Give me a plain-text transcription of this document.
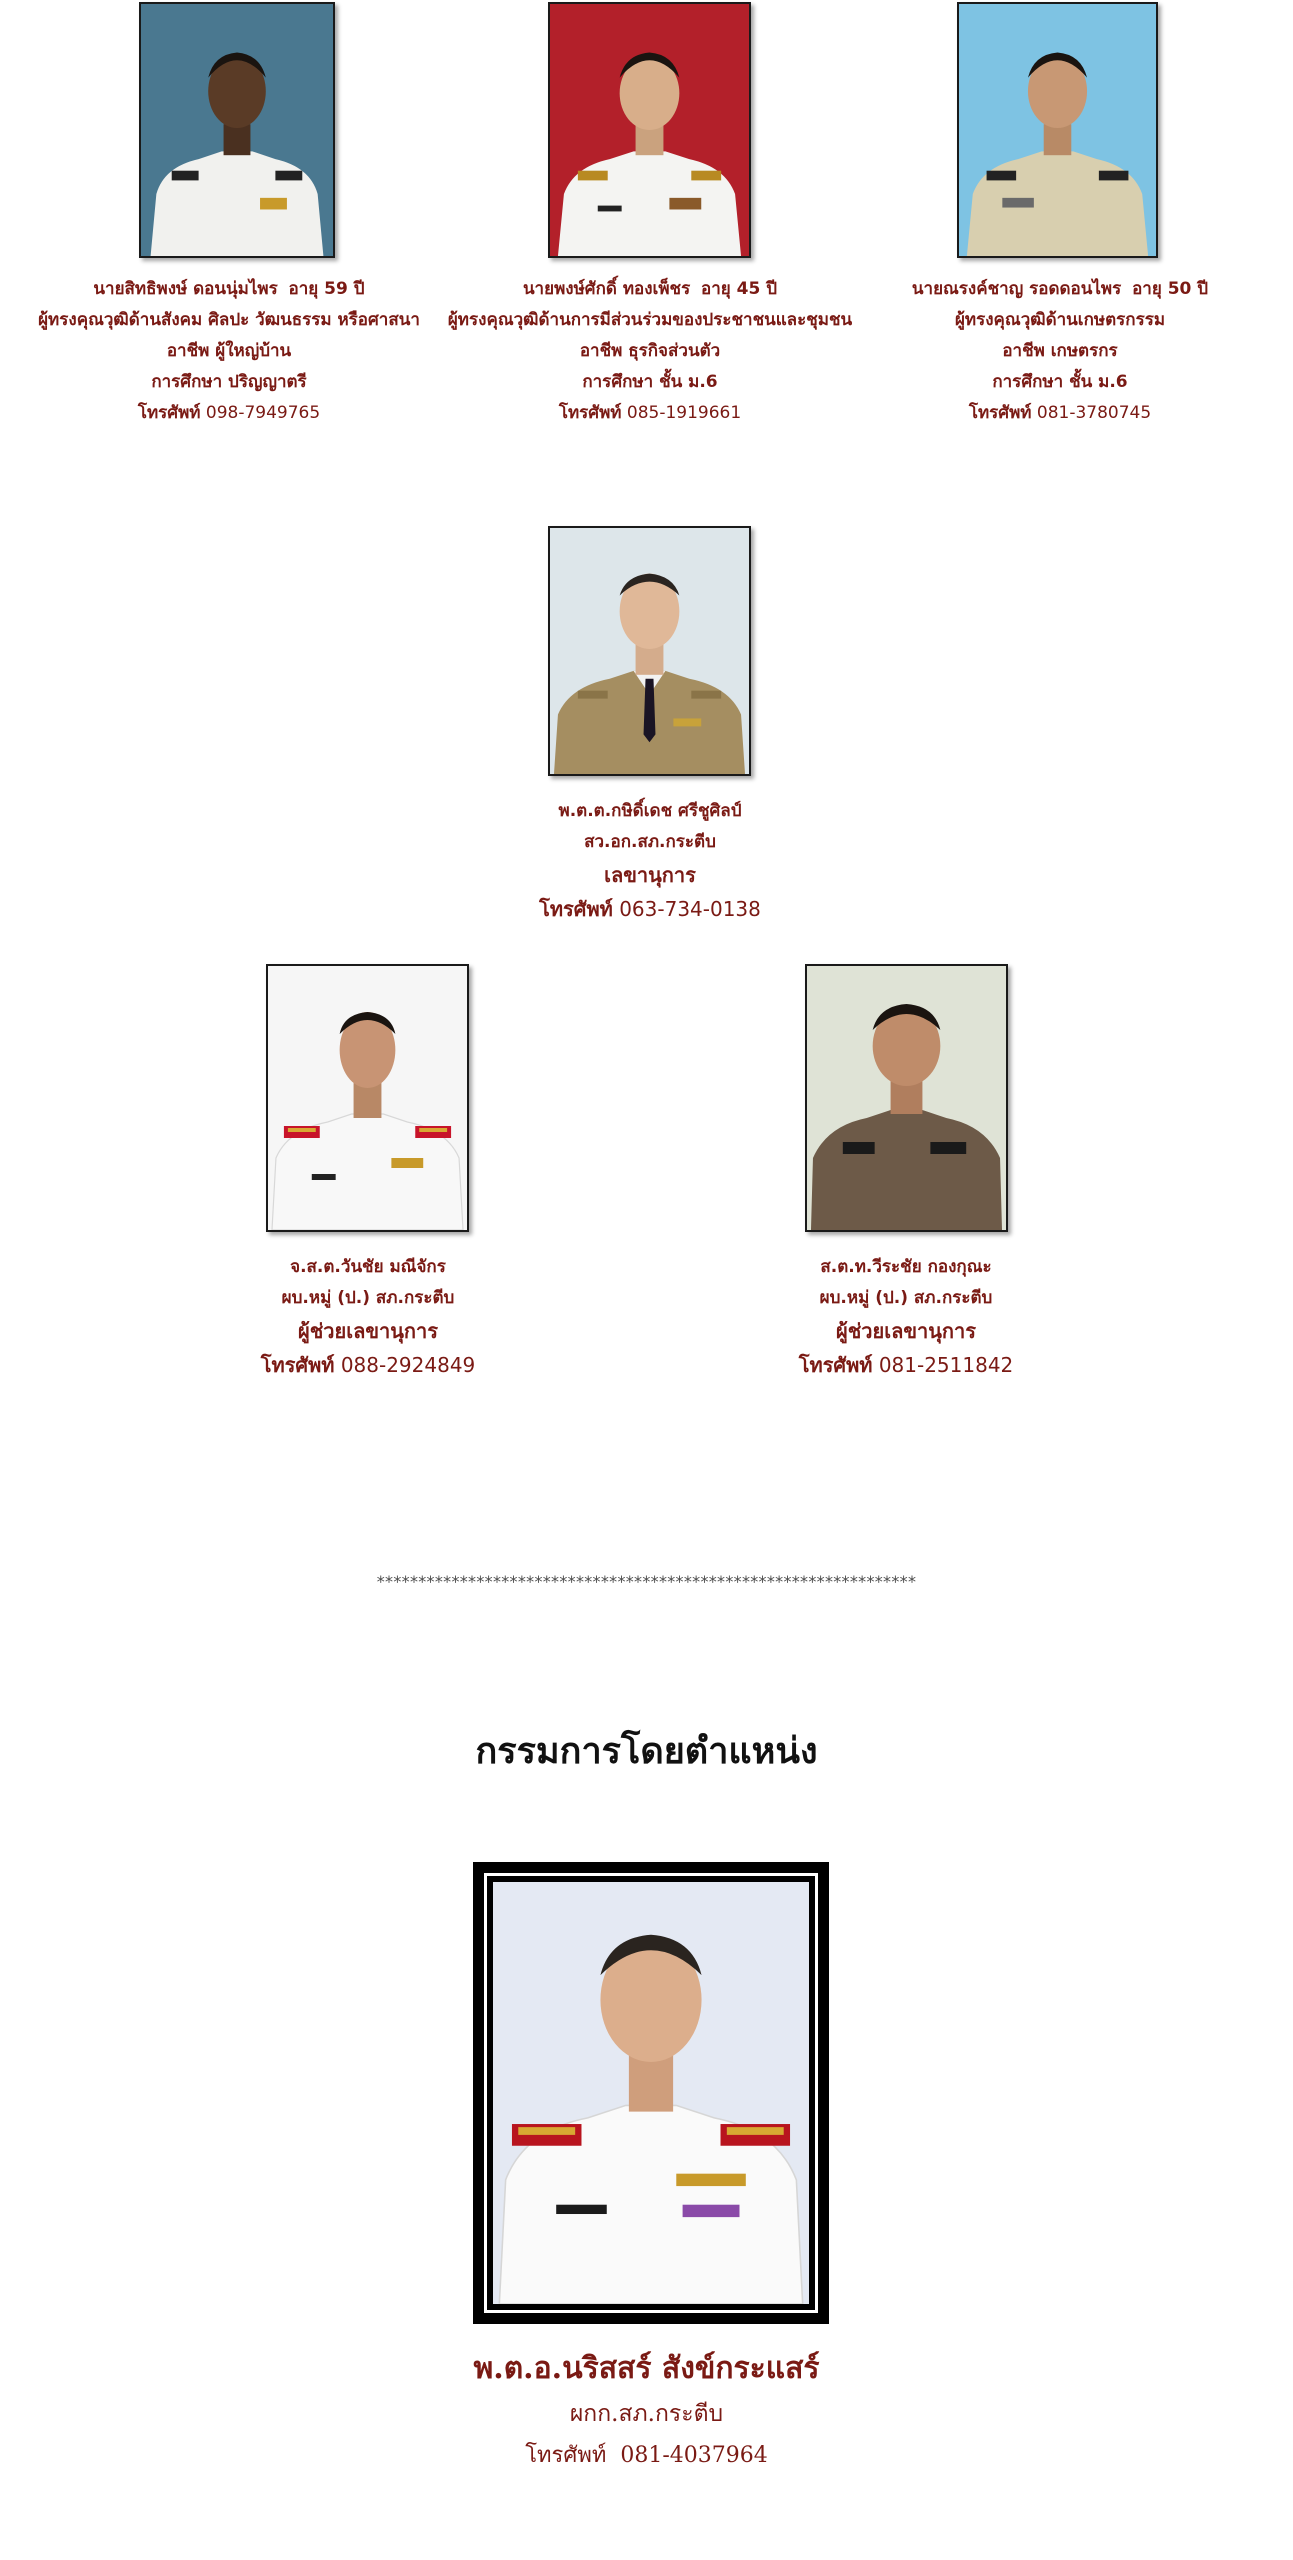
นายสิทธิพงษ์ ดอนนุ่มไพร อายุ 59 ปี
ผู้ทรงคุณวุฒิด้านสังคม ศิลปะ วัฒนธรรม หรือศาสนา
อาชีพ ผู้ใหญ่บ้าน
การศึกษา ปริญญาตรี
โทรศัพท์ 098-7949765
นายพงษ์ศักดิ์ ทองเพ็ชร อายุ 45 ปี
ผู้ทรงคุณวุฒิด้านการมีส่วนร่วมของประชาชนและชุมชน
อาชีพ ธุรกิจส่วนตัว
การศึกษา ชั้น ม.6
โทรศัพท์ 085-1919661
นายณรงค์ชาญ รอดดอนไพร อายุ 50 ปี
ผู้ทรงคุณวุฒิด้านเกษตรกรรม
อาชีพ เกษตรกร
การศึกษา ชั้น ม.6
โทรศัพท์ 081-3780745
พ.ต.ต.กษิดิ์เดช ศรีชูศิลป์
สว.อก.สภ.กระตีบ
เลขานุการ
โทรศัพท์ 063-734-0138
จ.ส.ต.วันชัย มณีจักร
ผบ.หมู่ (ป.) สภ.กระตีบ
ผู้ช่วยเลขานุการ
โทรศัพท์ 088-2924849
ส.ต.ท.วีระชัย กองกุณะ
ผบ.หมู่ (ป.) สภ.กระตีบ
ผู้ช่วยเลขานุการ
โทรศัพท์ 081-2511842
*****************************************************************
กรรมการโดยตำแหน่ง
พ.ต.อ.นริสสร์ สังข์กระแสร์
ผกก.สภ.กระตีบ
โทรศัพท์ 081-4037964
